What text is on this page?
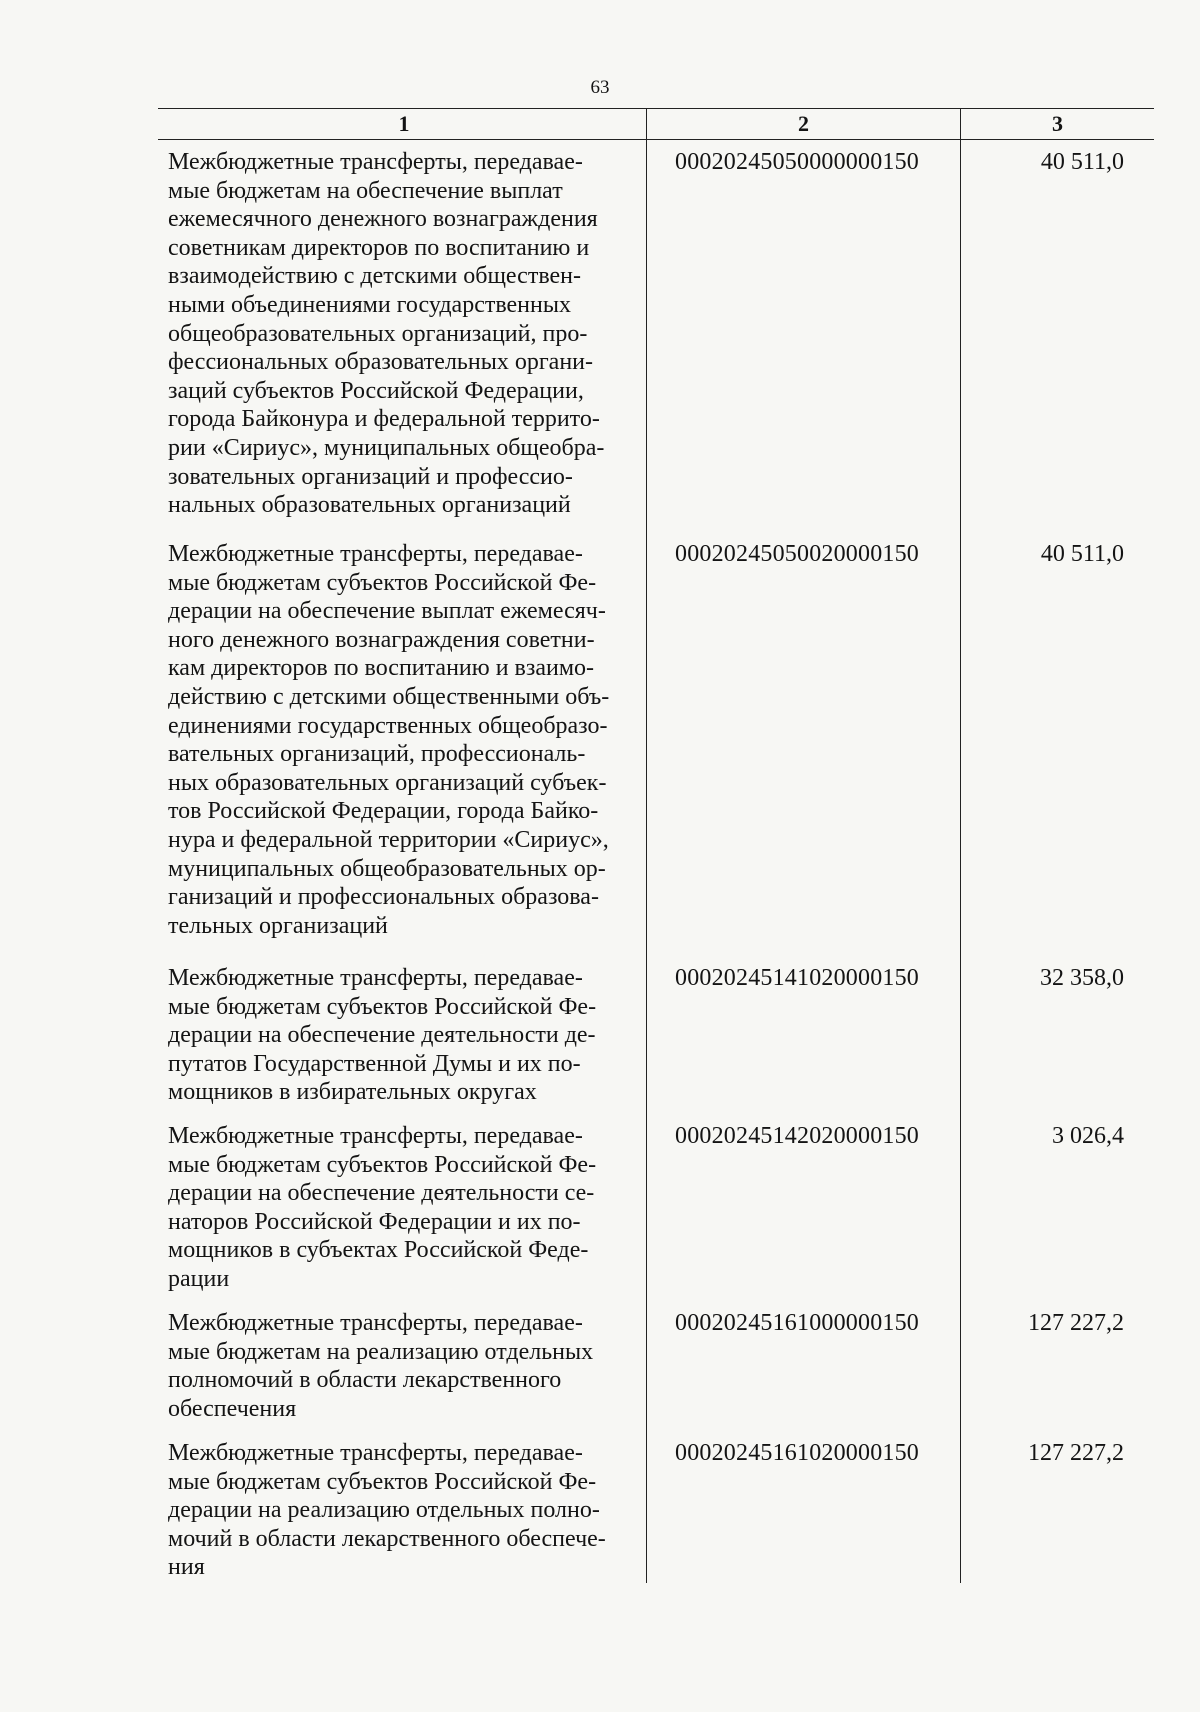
63
1	2	3
Межбюджетные трансферты, передавае-
мые бюджетам на обеспечение выплат
ежемесячного денежного вознаграждения
советникам директоров по воспитанию и
взаимодействию с детскими обществен-
ными объединениями государственных
общеобразовательных организаций, про-
фессиональных образовательных органи-
заций субъектов Российской Федерации,
города Байконура и федеральной террито-
рии «Сириус», муниципальных общеобра-
зовательных организаций и профессио-
нальных образовательных организаций
00020245050000000150	40 511,0
Межбюджетные трансферты, передавае-
мые бюджетам субъектов Российской Фе-
дерации на обеспечение выплат ежемесяч-
ного денежного вознаграждения советни-
кам директоров по воспитанию и взаимо-
действию с детскими общественными объ-
единениями государственных общеобразо-
вательных организаций, профессиональ-
ных образовательных организаций субъек-
тов Российской Федерации, города Байко-
нура и федеральной территории «Сириус»,
муниципальных общеобразовательных ор-
ганизаций и профессиональных образова-
тельных организаций
00020245050020000150	40 511,0
Межбюджетные трансферты, передавае-
мые бюджетам субъектов Российской Фе-
дерации на обеспечение деятельности де-
путатов Государственной Думы и их по-
мощников в избирательных округах
00020245141020000150	32 358,0
Межбюджетные трансферты, передавае-
мые бюджетам субъектов Российской Фе-
дерации на обеспечение деятельности се-
наторов Российской Федерации и их по-
мощников в субъектах Российской Феде-
рации
00020245142020000150	3 026,4
Межбюджетные трансферты, передавае-
мые бюджетам на реализацию отдельных
полномочий в области лекарственного
обеспечения
00020245161000000150	127 227,2
Межбюджетные трансферты, передавае-
мые бюджетам субъектов Российской Фе-
дерации на реализацию отдельных полно-
мочий в области лекарственного обеспече-
ния
00020245161020000150	127 227,2
